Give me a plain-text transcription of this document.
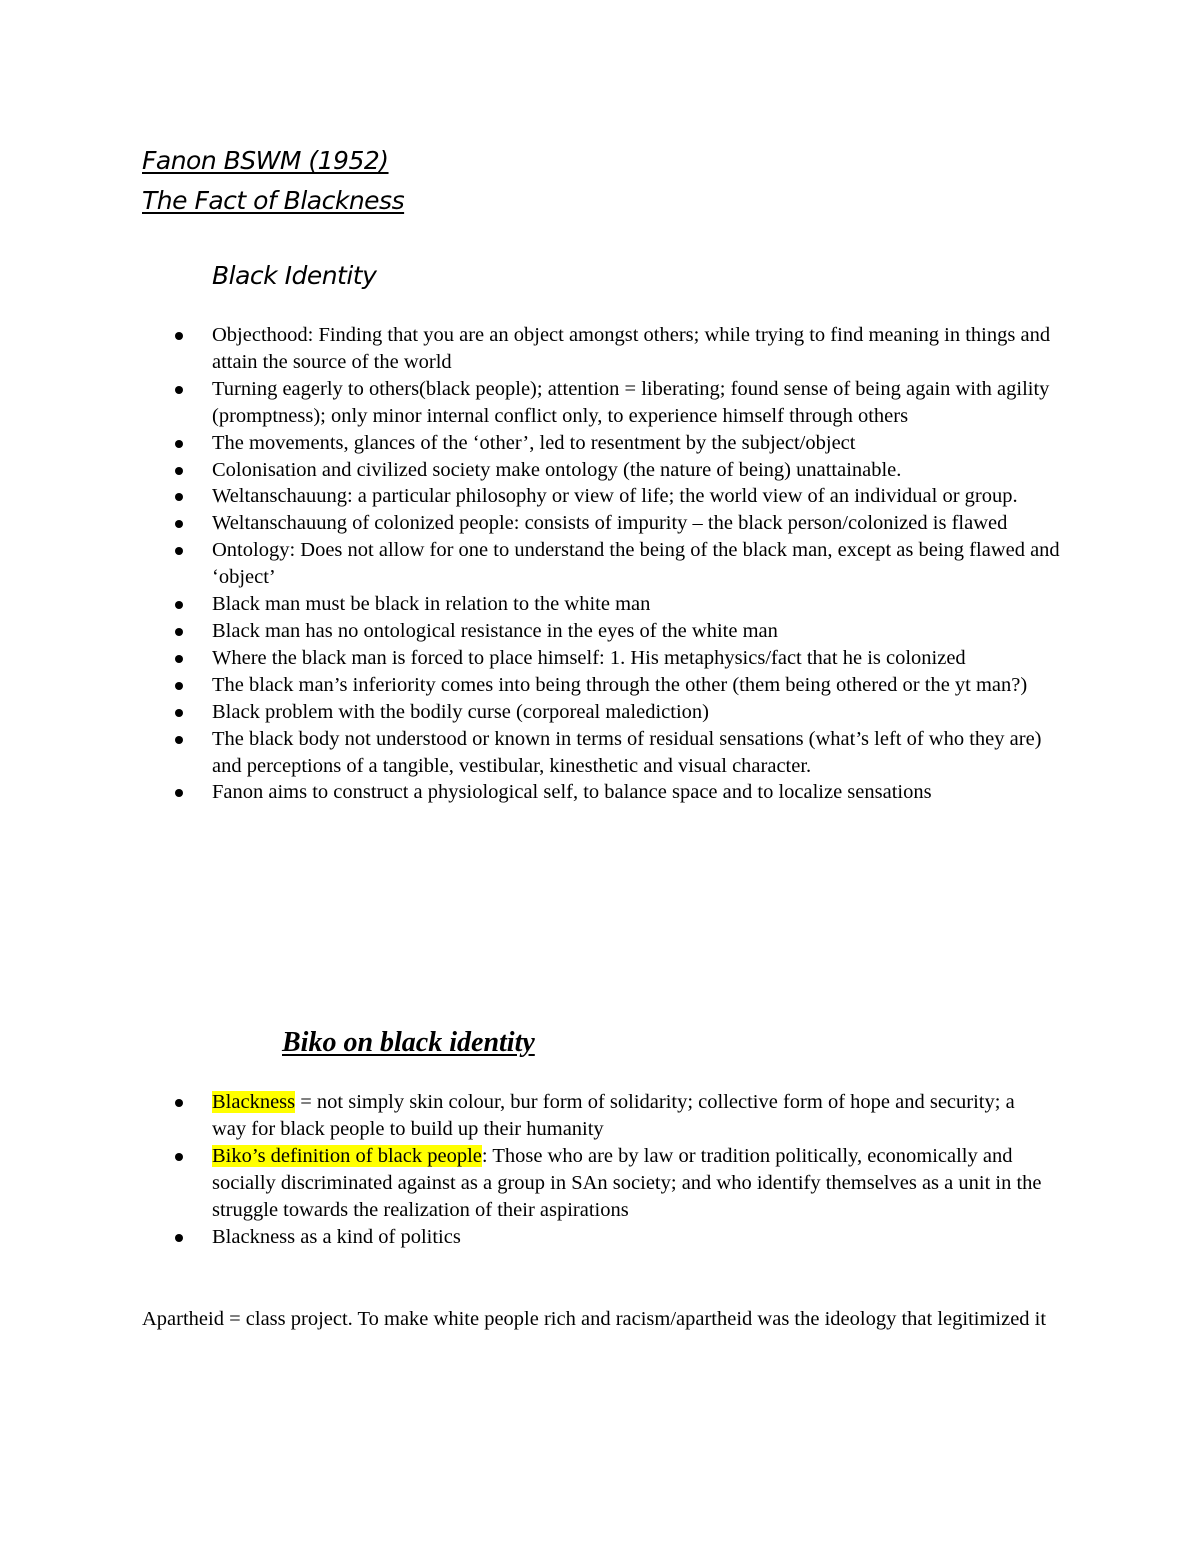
Fanon BSWM (1952)
The Fact of Blackness
Black Identity
Objecthood: Finding that you are an object amongst others; while trying to find meaning in things and attain the source of the world
Turning eagerly to others(black people); attention = liberating; found sense of being again with agility (promptness); only minor internal conflict only, to experience himself through others
The movements, glances of the ‘other’, led to resentment by the subject/object
Colonisation and civilized society make ontology (the nature of being) unattainable.
Weltanschauung: a particular philosophy or view of life; the world view of an individual or group.
Weltanschauung of colonized people: consists of impurity – the black person/colonized is flawed
Ontology: Does not allow for one to understand the being of the black man, except as being flawed and ‘object’
Black man must be black in relation to the white man
Black man has no ontological resistance in the eyes of the white man
Where the black man is forced to place himself: 1. His metaphysics/fact that he is colonized
The black man’s inferiority comes into being through the other (them being othered or the yt man?)
Black problem with the bodily curse (corporeal malediction)
The black body not understood or known in terms of residual sensations (what’s left of who they are) and perceptions of a tangible, vestibular, kinesthetic and visual character.
Fanon aims to construct a physiological self, to balance space and to localize sensations
Biko on black identity
Blackness = not simply skin colour, bur form of solidarity; collective form of hope and security; a way for black people to build up their humanity
Biko’s definition of black people: Those who are by law or tradition politically, economically and socially discriminated against as a group in SAn society; and who identify themselves as a unit in the struggle towards the realization of their aspirations
Blackness as a kind of politics

Apartheid = class project. To make white people rich and racism/apartheid was the ideology that legitimized it
